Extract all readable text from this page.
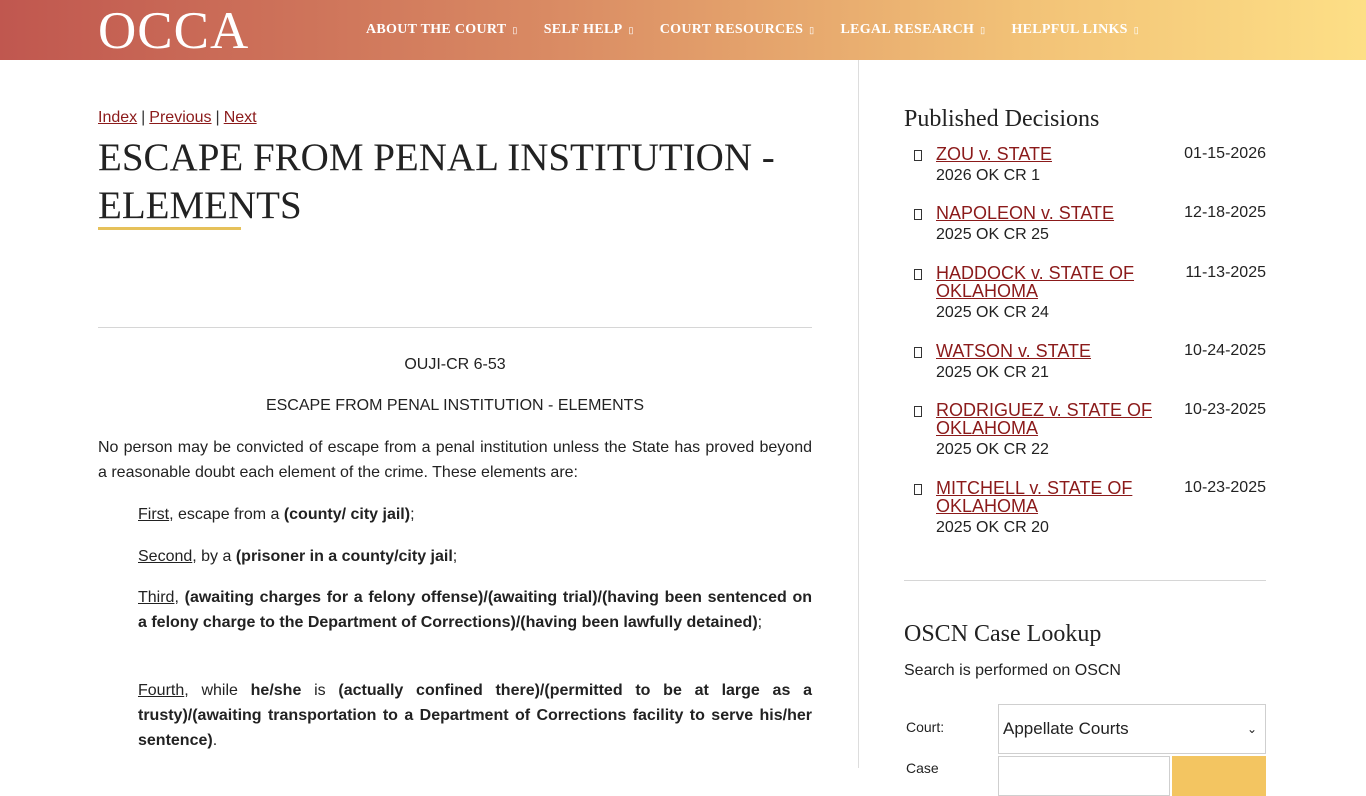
OCCA	ABOUT THE COURT ▯ SELF HELP ▯ COURT RESOURCES ▯ LEGAL RESEARCH ▯ HELPFUL LINKS ▯
Index | Previous | Next
ESCAPE FROM PENAL INSTITUTION - ELEMENTS

OUJI-CR 6-53

ESCAPE FROM PENAL INSTITUTION - ELEMENTS

No person may be convicted of escape from a penal institution unless the State has proved beyond a reasonable doubt each element of the crime. These elements are:

First, escape from a (county/ city jail);

Second, by a (prisoner in a county/city jail;

Third, (awaiting charges for a felony offense)/(awaiting trial)/(having been sentenced on a felony charge to the Department of Corrections)/(having been lawfully detained);

Fourth, while he/she is (actually confined there)/(permitted to be at large as a trusty)/(awaiting transportation to a Department of Corrections facility to serve his/her sentence).

Published Decisions
ZOU v. STATE	01-15-2026
2026 OK CR 1
NAPOLEON v. STATE	12-18-2025
2025 OK CR 25
HADDOCK v. STATE OF OKLAHOMA
11-13-2025
2025 OK CR 24
WATSON v. STATE	10-24-2025
2025 OK CR 21
RODRIGUEZ v. STATE OF OKLAHOMA
10-23-2025
2025 OK CR 22
MITCHELL v. STATE OF OKLAHOMA
10-23-2025
2025 OK CR 20
OSCN Case Lookup
Search is performed on OSCN
Court:	Appellate Courts	⌄
Case
